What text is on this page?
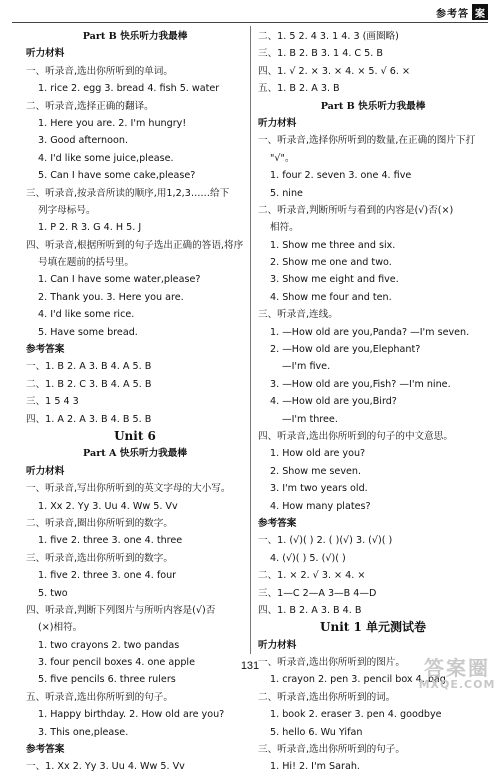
参考答 案
Part B 快乐听力我最棒
听力材料
一、听录音,选出你所听到的单词。
1. rice 2. egg 3. bread 4. fish 5. water
二、听录音,选择正确的翻译。
1. Here you are. 2. I'm hungry!
3. Good afternoon.
4. I'd like some juice,please.
5. Can I have some cake,please?
三、听录音,按录音所读的顺序,用1,2,3……给下
列字母标号。
1. P 2. R 3. G 4. H 5. J
四、听录音,根据所听到的句子选出正确的答语,将序
号填在题前的括号里。
1. Can I have some water,please?
2. Thank you. 3. Here you are.
4. I'd like some rice.
5. Have some bread.
参考答案
一、1. B 2. A 3. B 4. A 5. B
二、1. B 2. C 3. B 4. A 5. B
三、1 5 4 3
四、1. A 2. A 3. B 4. B 5. B
Unit 6
Part A 快乐听力我最棒
听力材料
一、听录音,写出你所听到的英文字母的大小写。
1. Xx 2. Yy 3. Uu 4. Ww 5. Vv
二、听录音,圈出你所听到的数字。
1. five 2. three 3. one 4. three
三、听录音,选出你所听到的数字。
1. five 2. three 3. one 4. four
5. two
四、听录音,判断下列图片与所听内容是(√)否
(×)相符。
1. two crayons 2. two pandas
3. four pencil boxes 4. one apple
5. five pencils 6. three rulers
五、听录音,选出你所听到的句子。
1. Happy birthday. 2. How old are you?
3. This one,please.
参考答案
一、1. Xx 2. Yy 3. Uu 4. Ww 5. Vv
二、1. 5 2. 4 3. 1 4. 3 (画圈略)
三、1. B 2. B 3. 1 4. C 5. B
四、1. √ 2. × 3. × 4. × 5. √ 6. ×
五、1. B 2. A 3. B
Part B 快乐听力我最棒
听力材料
一、听录音,选择你所听到的数量,在正确的图片下打
"√"。
1. four 2. seven 3. one 4. five
5. nine
二、听录音,判断所听与看到的内容是(√)否(×)
相符。
1. Show me three and six.
2. Show me one and two.
3. Show me eight and five.
4. Show me four and ten.
三、听录音,连线。
1. —How old are you,Panda? —I'm seven.
2. —How old are you,Elephant?
—I'm five.
3. —How old are you,Fish? —I'm nine.
4. —How old are you,Bird?
—I'm three.
四、听录音,选出你所听到的句子的中文意思。
1. How old are you?
2. Show me seven.
3. I'm two years old.
4. How many plates?
参考答案
一、1. (√)( ) 2. ( )(√) 3. (√)( )
4. (√)( ) 5. (√)( )
二、1. × 2. √ 3. × 4. ×
三、1—C 2—A 3—B 4—D
四、1. B 2. A 3. B 4. B
Unit 1 单元测试卷
听力材料
一、听录音,选出你所听到的图片。
1. crayon 2. pen 3. pencil box 4. bag
二、听录音,选出你所听到的词。
1. book 2. eraser 3. pen 4. goodbye
5. hello 6. Wu Yifan
三、听录音,选出你所听到的句子。
1. Hi! 2. I'm Sarah.
131	答案圈
MXQE.COM
